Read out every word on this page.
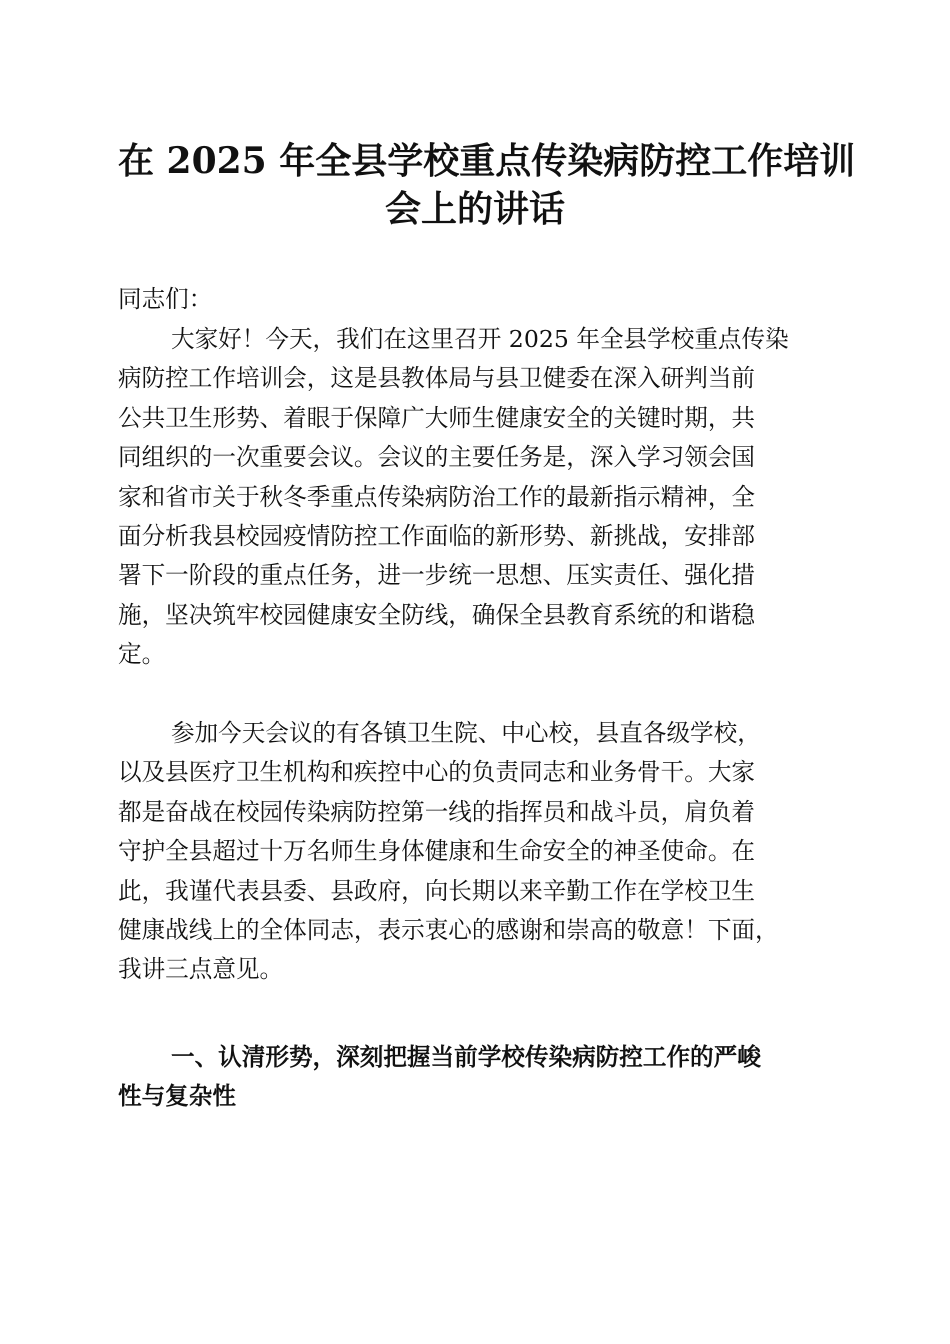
在 2025 年全县学校重点传染病防控工作培训
会上的讲话

同志们：

大家好！今天，我们在这里召开 2025 年全县学校重点传染
病防控工作培训会，这是县教体局与县卫健委在深入研判当前
公共卫生形势、着眼于保障广大师生健康安全的关键时期，共
同组织的一次重要会议。会议的主要任务是，深入学习领会国
家和省市关于秋冬季重点传染病防治工作的最新指示精神，全
面分析我县校园疫情防控工作面临的新形势、新挑战，安排部
署下一阶段的重点任务，进一步统一思想、压实责任、强化措
施，坚决筑牢校园健康安全防线，确保全县教育系统的和谐稳
定。

参加今天会议的有各镇卫生院、中心校，县直各级学校，
以及县医疗卫生机构和疾控中心的负责同志和业务骨干。大家
都是奋战在校园传染病防控第一线的指挥员和战斗员，肩负着
守护全县超过十万名师生身体健康和生命安全的神圣使命。在
此，我谨代表县委、县政府，向长期以来辛勤工作在学校卫生
健康战线上的全体同志，表示衷心的感谢和崇高的敬意！下面，
我讲三点意见。

一、认清形势，深刻把握当前学校传染病防控工作的严峻
性与复杂性
